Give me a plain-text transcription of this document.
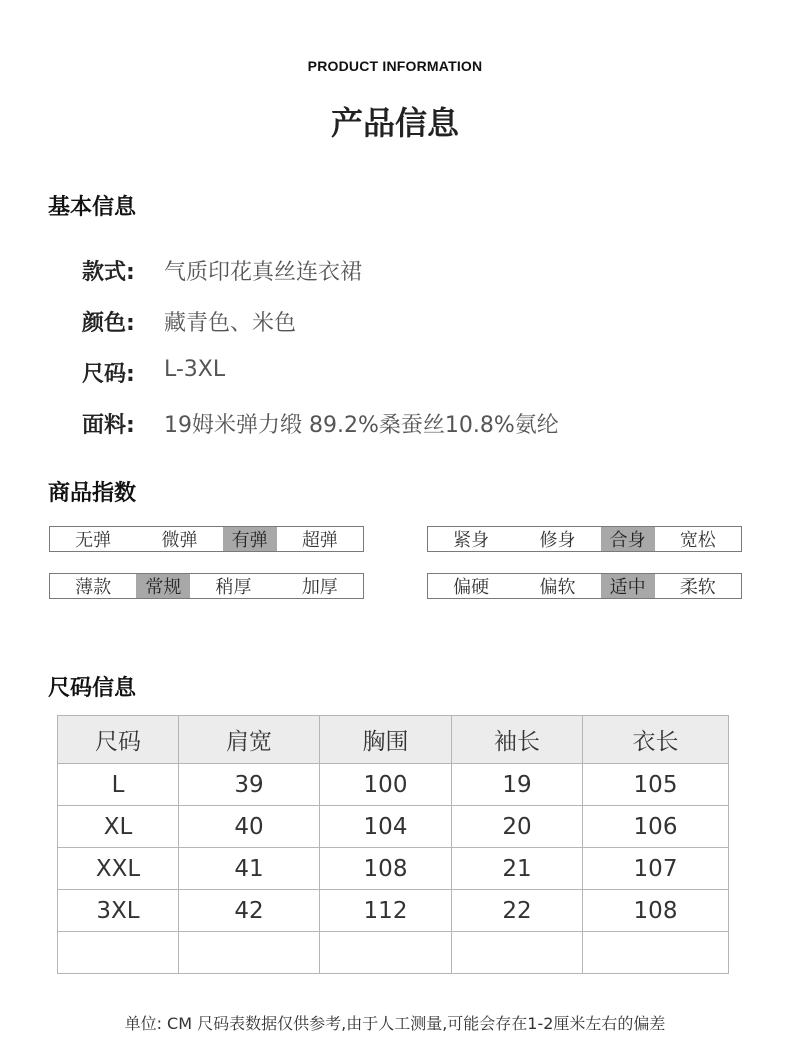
PRODUCT INFORMATION
产品信息
基本信息
款式:	气质印花真丝连衣裙
颜色:	藏青色、米色
尺码:	L-3XL
面料:	19姆米弹力缎 89.2%桑蚕丝10.8%氨纶
商品指数
无弹	微弹	有弹	超弹	紧身	修身	合身	宽松
薄款	常规	稍厚	加厚	偏硬	偏软	适中	柔软
尺码信息
尺码	肩宽	胸围	袖长	衣长
L	39	100	19	105
XL	40	104	20	106
XXL	41	108	21	107
3XL	42	112	22	108

单位: CM 尺码表数据仅供参考,由于人工测量,可能会存在1-2厘米左右的偏差
